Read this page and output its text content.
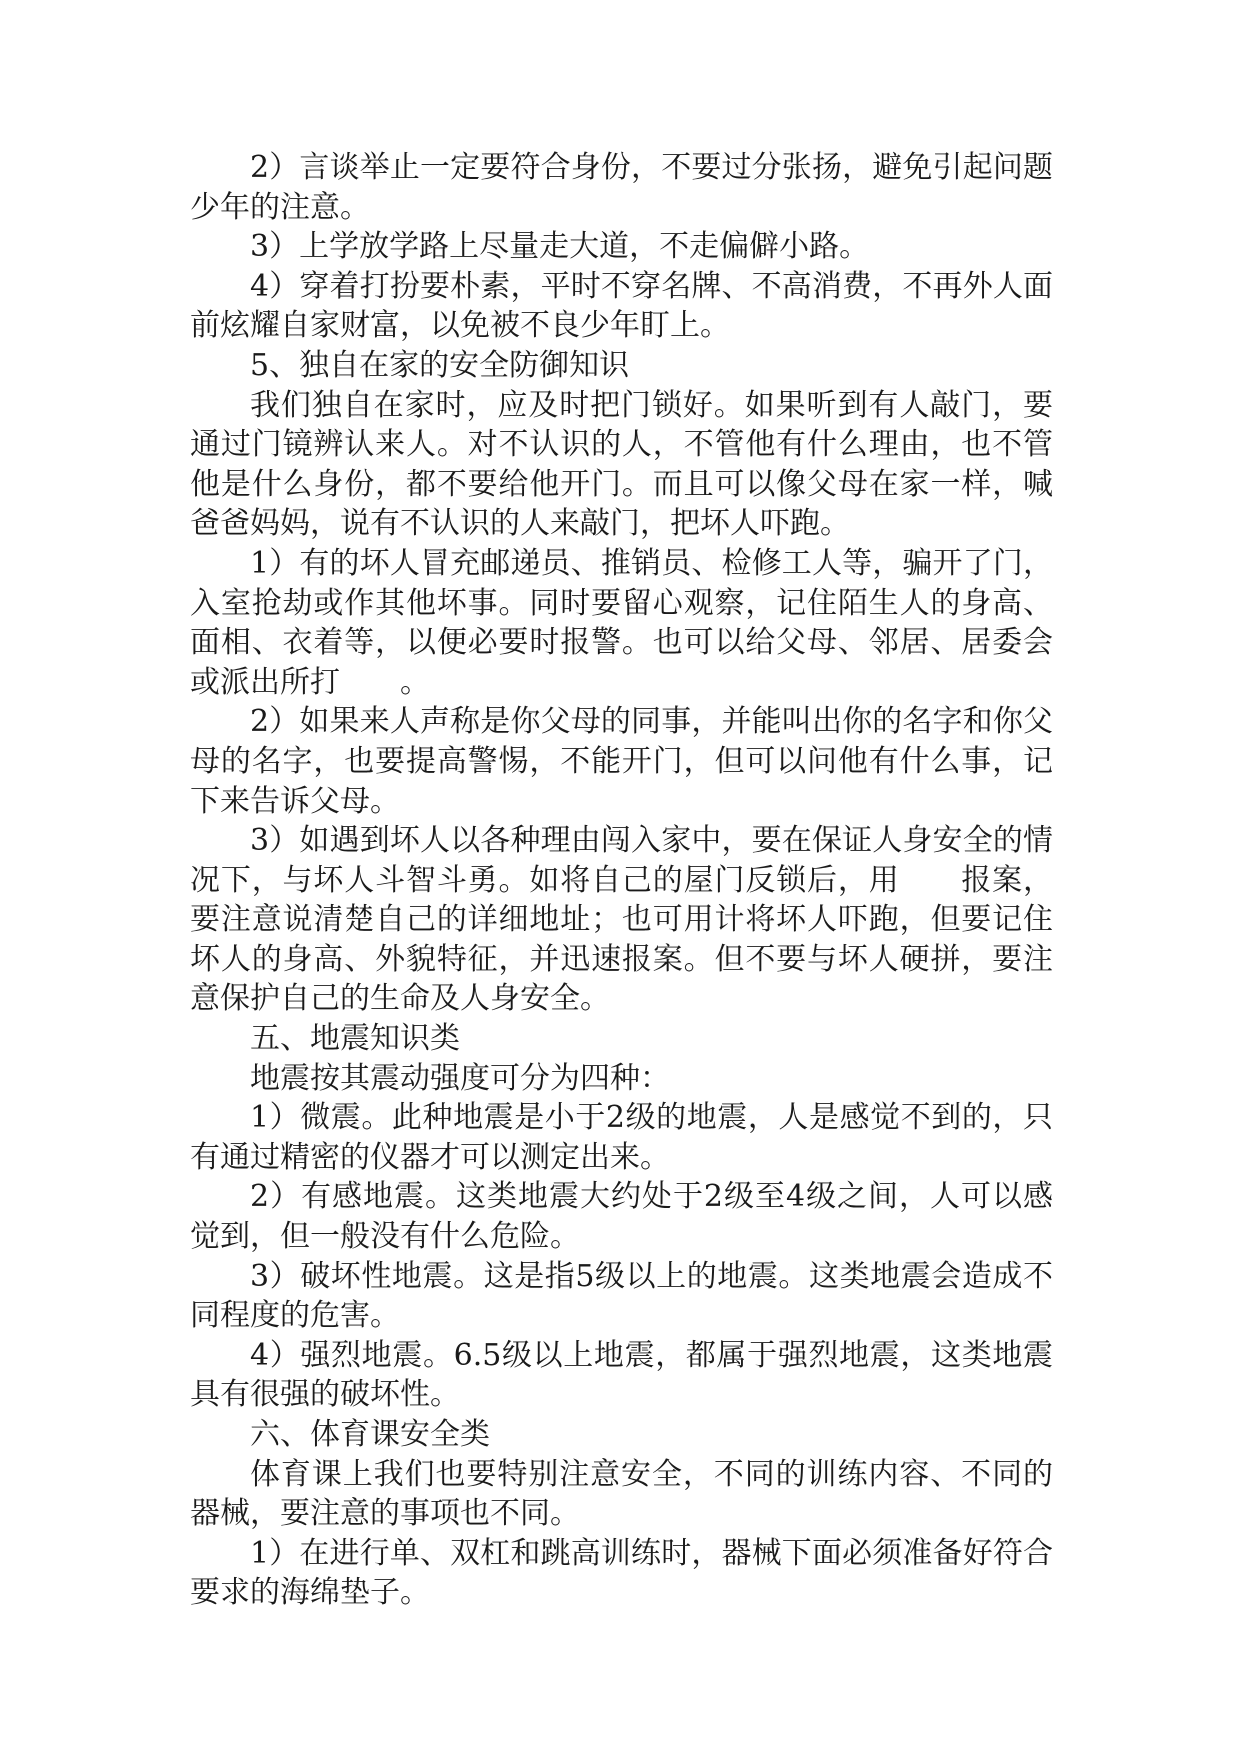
2）言谈举止一定要符合身份，不要过分张扬，避免引起问题少年的注意。

3）上学放学路上尽量走大道，不走偏僻小路。

4）穿着打扮要朴素，平时不穿名牌、不高消费，不再外人面前炫耀自家财富，以免被不良少年盯上。

5、独自在家的安全防御知识

我们独自在家时，应及时把门锁好。如果听到有人敲门，要通过门镜辨认来人。对不认识的人，不管他有什么理由，也不管他是什么身份，都不要给他开门。而且可以像父母在家一样，喊爸爸妈妈，说有不认识的人来敲门，把坏人吓跑。

1）有的坏人冒充邮递员、推销员、检修工人等，骗开了门，入室抢劫或作其他坏事。同时要留心观察，记住陌生人的身高、面相、衣着等，以便必要时报警。也可以给父母、邻居、居委会或派出所打　　。

2）如果来人声称是你父母的同事，并能叫出你的名字和你父母的名字，也要提高警惕，不能开门，但可以问他有什么事，记下来告诉父母。

3）如遇到坏人以各种理由闯入家中，要在保证人身安全的情况下，与坏人斗智斗勇。如将自己的屋门反锁后，用　　报案，要注意说清楚自己的详细地址；也可用计将坏人吓跑，但要记住坏人的身高、外貌特征，并迅速报案。但不要与坏人硬拼，要注意保护自己的生命及人身安全。

五、地震知识类

地震按其震动强度可分为四种：

1）微震。此种地震是小于2级的地震，人是感觉不到的，只有通过精密的仪器才可以测定出来。

2）有感地震。这类地震大约处于2级至4级之间，人可以感觉到，但一般没有什么危险。

3）破坏性地震。这是指5级以上的地震。这类地震会造成不同程度的危害。

4）强烈地震。6.5级以上地震，都属于强烈地震，这类地震具有很强的破坏性。

六、体育课安全类

体育课上我们也要特别注意安全，不同的训练内容、不同的器械，要注意的事项也不同。

1）在进行单、双杠和跳高训练时，器械下面必须准备好符合要求的海绵垫子。
